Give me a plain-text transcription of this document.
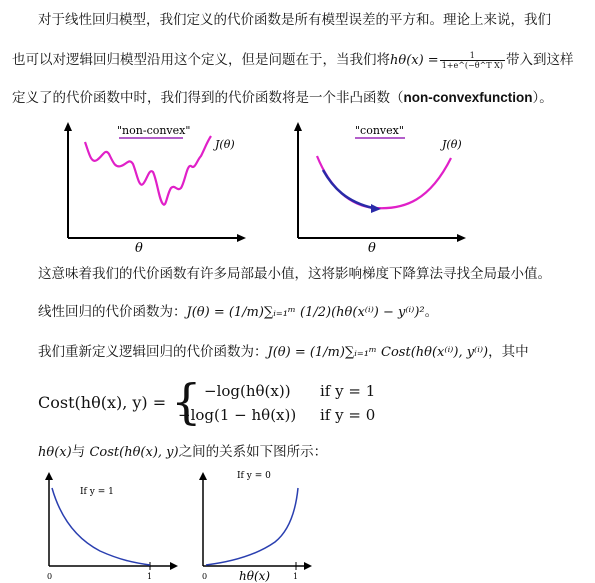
对于线性回归模型，我们定义的代价函数是所有模型误差的平方和。理论上来说，我们
也可以对逻辑回归模型沿用这个定义，但是问题在于，当我们将$h\theta(x) = \frac{1}{\text{1+e\textasciicircum{}(−θ\textasciicircum{}T X)}}$ 带入到这样
定义了的代价函数中时，我们得到的代价函数将是一个非凸函数（non-convexfunction）。
"non-convex"
J(θ)
θ
"convex"
J(θ)
θ
这意味着我们的代价函数有许多局部最小值，这将影响梯度下降算法寻找全局最小值。
线性回归的代价函数为：J(θ) = (1/m)∑ᵢ₌₁ᵐ (1/2)(hθ(x⁽ⁱ⁾) − y⁽ⁱ⁾)²。
我们重新定义逻辑回归的代价函数为：J(θ) = (1/m)∑ᵢ₌₁ᵐ Cost(hθ(x⁽ⁱ⁾), y⁽ⁱ⁾)，其中
Cost(hθ(x), y) = { −log(hθ(x)) if y = 1
−log(1 − hθ(x)) if y = 0
hθ(x)与 Cost(hθ(x), y)之间的关系如下图所示：
If y = 1
0	1
If y = 0
0	1
hθ(x)
